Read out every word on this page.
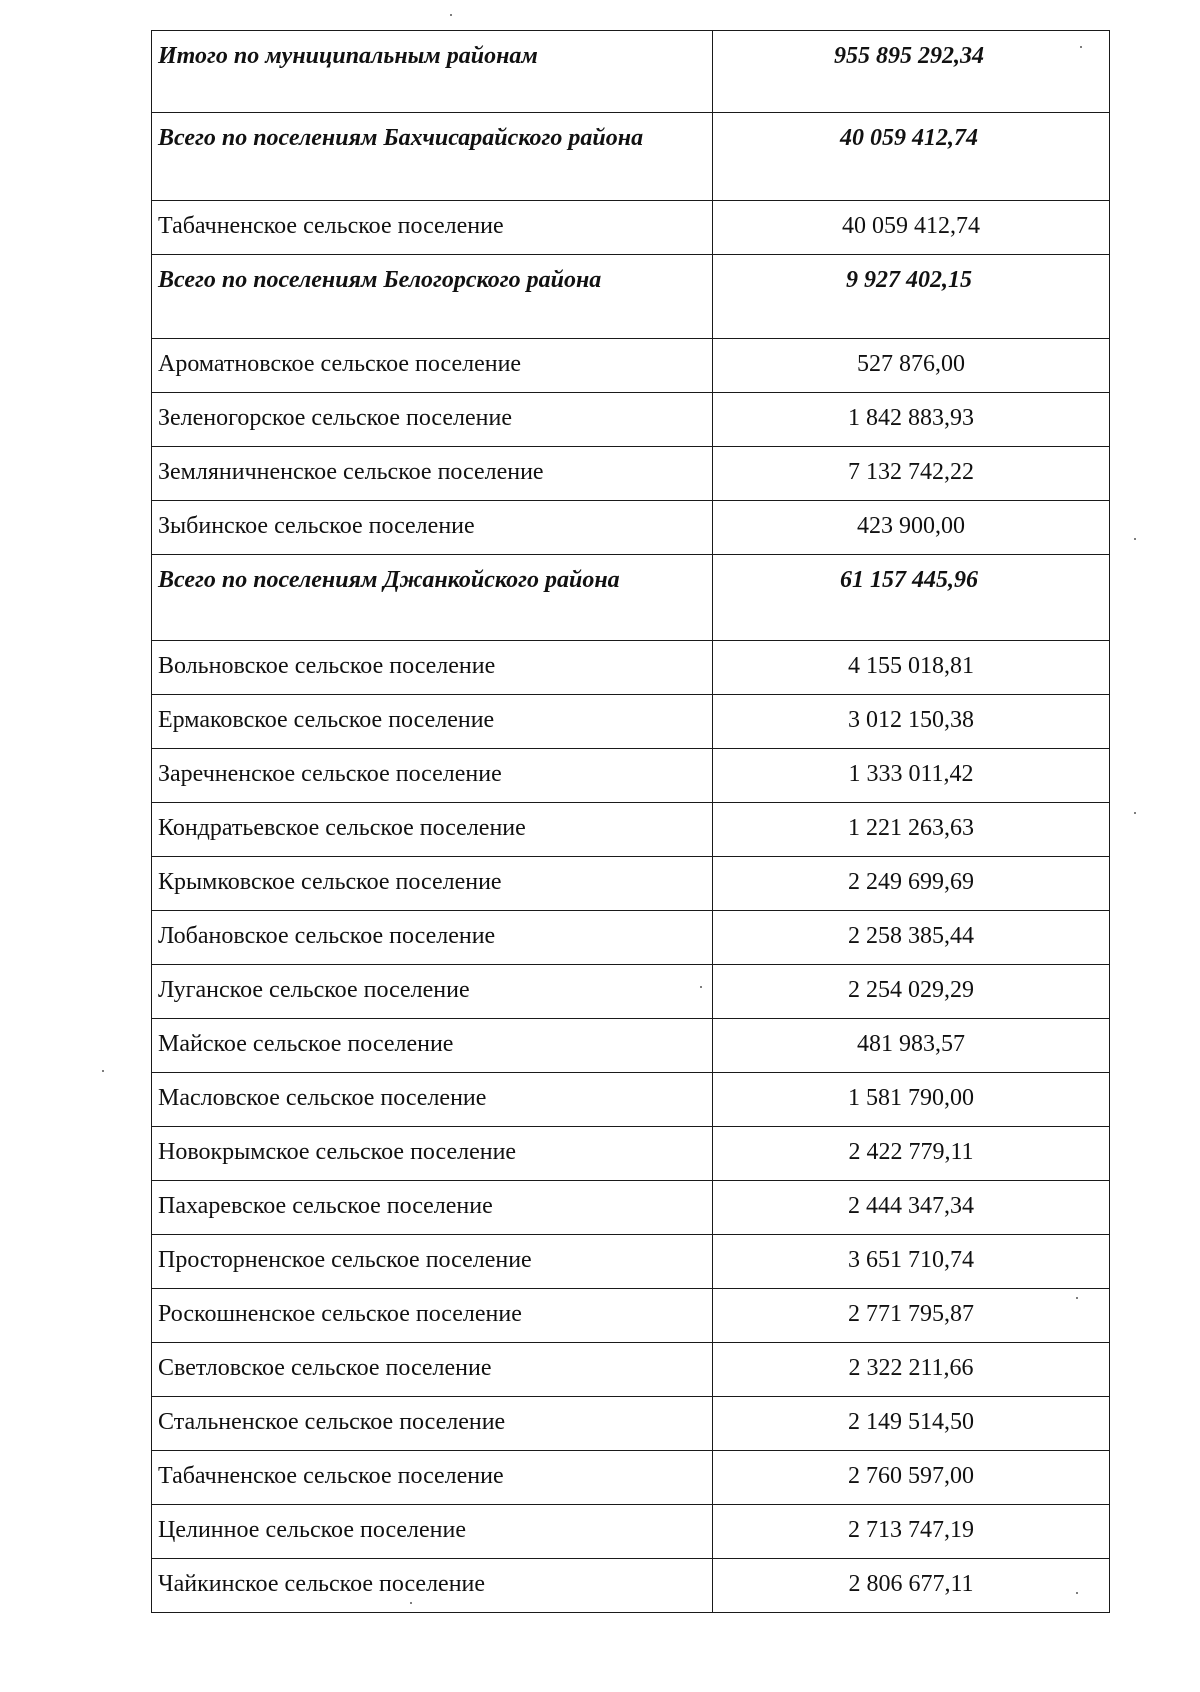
Итого по муниципальным районам	955 895 292,34
Всего по поселениям Бахчисарайского района	40 059 412,74
Табачненское сельское поселение	40 059 412,74
Всего по поселениям Белогорского района	9 927 402,15
Ароматновское сельское поселение	527 876,00
Зеленогорское сельское поселение	1 842 883,93
Земляничненское сельское поселение	7 132 742,22
Зыбинское сельское поселение	423 900,00
Всего по поселениям Джанкойского района	61 157 445,96
Вольновское сельское поселение	4 155 018,81
Ермаковское сельское поселение	3 012 150,38
Заречненское сельское поселение	1 333 011,42
Кондратьевское сельское поселение	1 221 263,63
Крымковское сельское поселение	2 249 699,69
Лобановское сельское поселение	2 258 385,44
Луганское сельское поселение	2 254 029,29
Майское сельское поселение	481 983,57
Масловское сельское поселение	1 581 790,00
Новокрымское сельское поселение	2 422 779,11
Пахаревское сельское поселение	2 444 347,34
Просторненское сельское поселение	3 651 710,74
Роскошненское сельское поселение	2 771 795,87
Светловское сельское поселение	2 322 211,66
Стальненское сельское поселение	2 149 514,50
Табачненское сельское поселение	2 760 597,00
Целинное сельское поселение	2 713 747,19
Чайкинское сельское поселение	2 806 677,11
